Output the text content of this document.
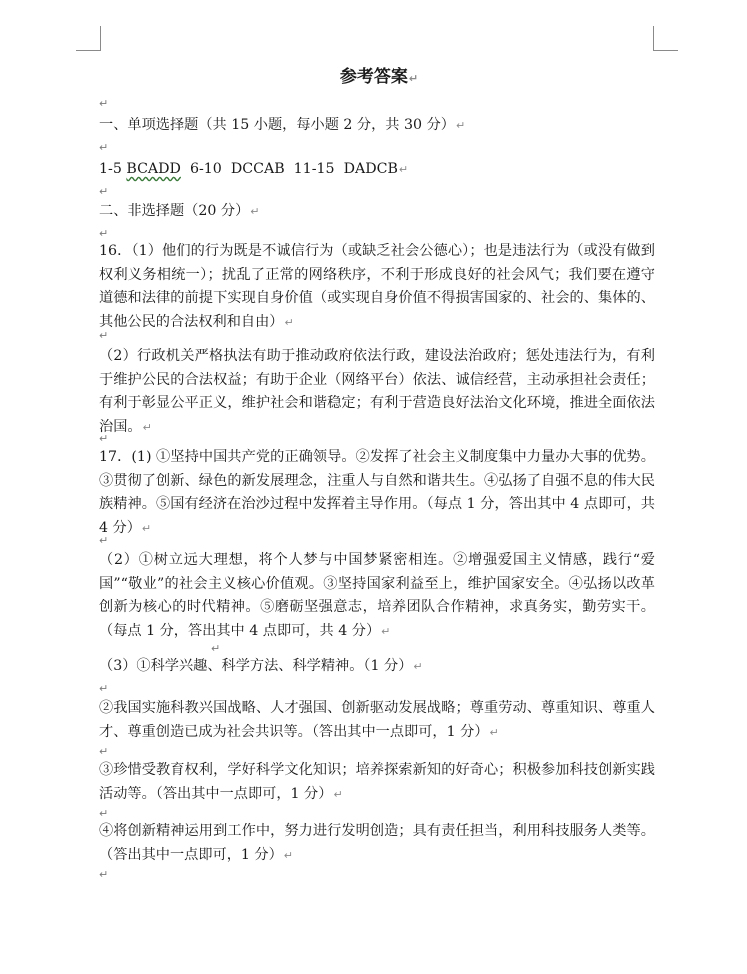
参考答案↵
↵
一、单项选择题（共 15 小题，每小题 2 分，共 30 分）↵
↵
1-5 BCADD 6-10 DCCAB 11-15 DADCB↵
↵
二、非选择题（20 分）↵
↵
16．（1）他们的行为既是不诚信行为（或缺乏社会公德心）；也是违法行为（或没有做到权利义务相统一）；扰乱了正常的网络秩序，不利于形成良好的社会风气；我们要在遵守道德和法律的前提下实现自身价值（或实现自身价值不得损害国家的、社会的、集体的、其他公民的合法权利和自由）↵
↵
（2）行政机关严格执法有助于推动政府依法行政，建设法治政府；惩处违法行为，有利于维护公民的合法权益；有助于企业（网络平台）依法、诚信经营，主动承担社会责任；有利于彰显公平正义，维护社会和谐稳定；有利于营造良好法治文化环境，推进全面依法治国。↵
↵
17．(1) ①坚持中国共产党的正确领导。②发挥了社会主义制度集中力量办大事的优势。③贯彻了创新、绿色的新发展理念，注重人与自然和谐共生。④弘扬了自强不息的伟大民族精神。⑤国有经济在治沙过程中发挥着主导作用。（每点 1 分，答出其中 4 点即可，共 4 分）↵
↵
（2）①树立远大理想，将个人梦与中国梦紧密相连。②增强爱国主义情感，践行“爱国”“敬业”的社会主义核心价值观。③坚持国家利益至上，维护国家安全。④弘扬以改革创新为核心的时代精神。⑤磨砺坚强意志，培养团队合作精神，求真务实，勤劳实干。（每点 1 分，答出其中 4 点即可，共 4 分）↵
↵
（3）①科学兴趣、科学方法、科学精神。（1 分）↵
↵
②我国实施科教兴国战略、人才强国、创新驱动发展战略；尊重劳动、尊重知识、尊重人才、尊重创造已成为社会共识等。（答出其中一点即可，1 分）↵
↵
③珍惜受教育权利，学好科学文化知识；培养探索新知的好奇心；积极参加科技创新实践活动等。（答出其中一点即可，1 分）↵
↵
④将创新精神运用到工作中，努力进行发明创造；具有责任担当，利用科技服务人类等。（答出其中一点即可，1 分）↵
↵
